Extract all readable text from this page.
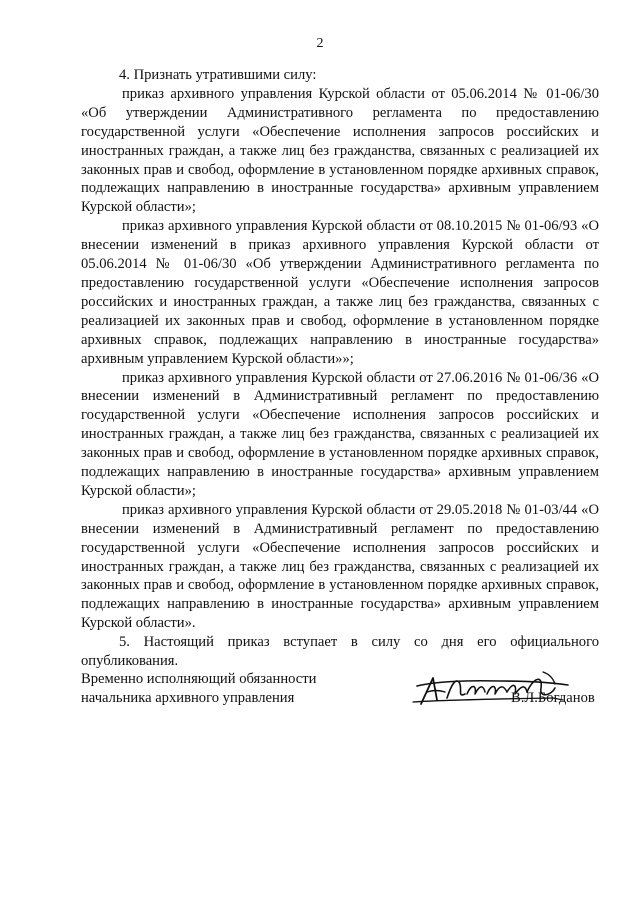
2

4. Признать утратившими силу:

приказ архивного управления Курской области от 05.06.2014 № 01-06/30 «Об утверждении Административного регламента по предоставлению государственной услуги «Обеспечение исполнения запросов российских и иностранных граждан, а также лиц без гражданства, связанных с реализацией их законных прав и свобод, оформление в установленном порядке архивных справок, подлежащих направлению в иностранные государства» архивным управлением Курской области»;

приказ архивного управления Курской области от 08.10.2015 № 01-06/93 «О внесении изменений в приказ архивного управления Курской области от 05.06.2014 № 01-06/30 «Об утверждении Административного регламента по предоставлению государственной услуги «Обеспечение исполнения запросов российских и иностранных граждан, а также лиц без гражданства, связанных с реализацией их законных прав и свобод, оформление в установленном порядке архивных справок, подлежащих направлению в иностранные государства» архивным управлением Курской области»»;

приказ архивного управления Курской области от 27.06.2016 № 01-06/36 «О внесении изменений в Административный регламент по предоставлению государственной услуги «Обеспечение исполнения запросов российских и иностранных граждан, а также лиц без гражданства, связанных с реализацией их законных прав и свобод, оформление в установленном порядке архивных справок, подлежащих направлению в иностранные государства» архивным управлением Курской области»;

приказ архивного управления Курской области от 29.05.2018 № 01-03/44 «О внесении изменений в Административный регламент по предоставлению государственной услуги «Обеспечение исполнения запросов российских и иностранных граждан, а также лиц без гражданства, связанных с реализацией их законных прав и свобод, оформление в установленном порядке архивных справок, подлежащих направлению в иностранные государства» архивным управлением Курской области».

5. Настоящий приказ вступает в силу со дня его официального опубликования.

Временно исполняющий обязанности
начальника архивного управления	В.Л.Богданов
